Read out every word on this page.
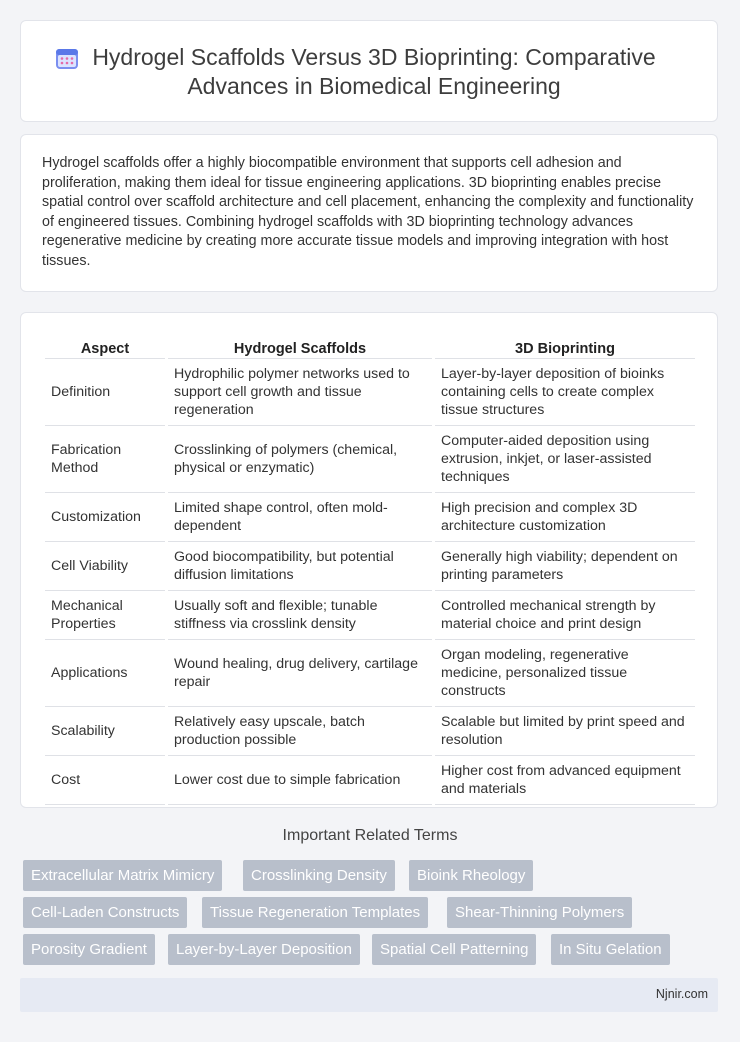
Hydrogel Scaffolds Versus 3D Bioprinting: Comparative Advances in Biomedical Engineering
Hydrogel scaffolds offer a highly biocompatible environment that supports cell adhesion and proliferation, making them ideal for tissue engineering applications. 3D bioprinting enables precise spatial control over scaffold architecture and cell placement, enhancing the complexity and functionality of engineered tissues. Combining hydrogel scaffolds with 3D bioprinting technology advances regenerative medicine by creating more accurate tissue models and improving integration with host tissues.
Aspect	Hydrogel Scaffolds	3D Bioprinting
Definition	Hydrophilic polymer networks used to support cell growth and tissue regeneration	Layer-by-layer deposition of bioinks containing cells to create complex tissue structures
Fabrication Method	Crosslinking of polymers (chemical, physical or enzymatic)	Computer-aided deposition using extrusion, inkjet, or laser-assisted techniques
Customization	Limited shape control, often mold-dependent	High precision and complex 3D architecture customization
Cell Viability	Good biocompatibility, but potential diffusion limitations	Generally high viability; dependent on printing parameters
Mechanical Properties	Usually soft and flexible; tunable stiffness via crosslink density	Controlled mechanical strength by material choice and print design
Applications	Wound healing, drug delivery, cartilage repair	Organ modeling, regenerative medicine, personalized tissue constructs
Scalability	Relatively easy upscale, batch production possible	Scalable but limited by print speed and resolution
Cost	Lower cost due to simple fabrication	Higher cost from advanced equipment and materials
Important Related Terms
Extracellular Matrix Mimicry	Crosslinking Density	Bioink Rheology
Cell-Laden Constructs	Tissue Regeneration Templates	Shear-Thinning Polymers
Porosity Gradient	Layer-by-Layer Deposition	Spatial Cell Patterning	In Situ Gelation
Njnir.com
